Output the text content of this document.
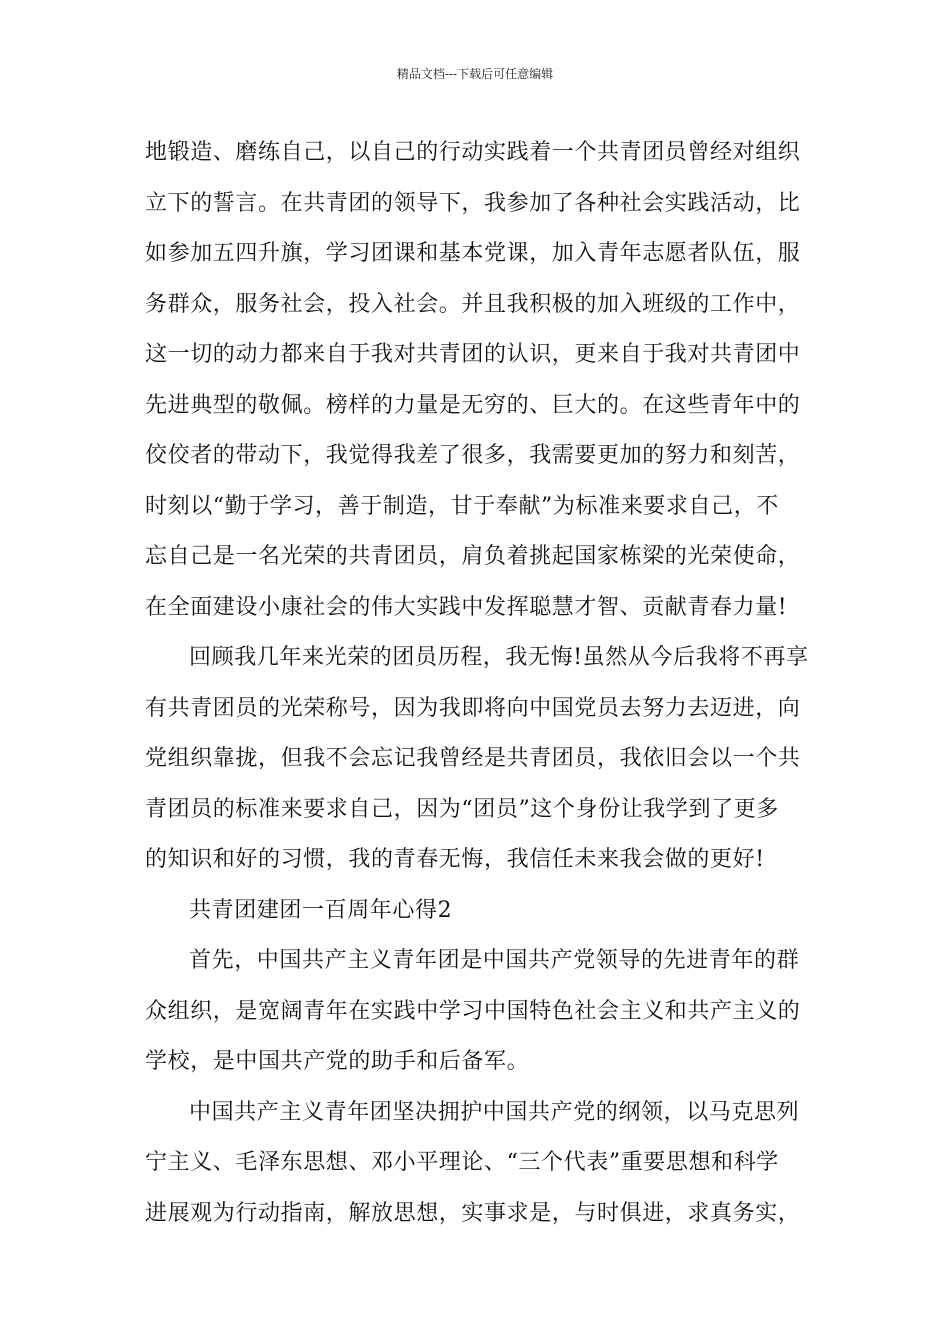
精品文档---下载后可任意编辑
地锻造、磨练自己，以自己的行动实践着一个共青团员曾经对组织
立下的誓言。在共青团的领导下，我参加了各种社会实践活动，比
如参加五四升旗，学习团课和基本党课，加入青年志愿者队伍，服
务群众，服务社会，投入社会。并且我积极的加入班级的工作中，
这一切的动力都来自于我对共青团的认识，更来自于我对共青团中
先进典型的敬佩。榜样的力量是无穷的、巨大的。在这些青年中的
佼佼者的带动下，我觉得我差了很多，我需要更加的努力和刻苦，
时刻以“勤于学习，善于制造，甘于奉献”为标准来要求自己，不
忘自己是一名光荣的共青团员，肩负着挑起国家栋梁的光荣使命，
在全面建设小康社会的伟大实践中发挥聪慧才智、贡献青春力量!
回顾我几年来光荣的团员历程，我无悔!虽然从今后我将不再享
有共青团员的光荣称号，因为我即将向中国党员去努力去迈进，向
党组织靠拢，但我不会忘记我曾经是共青团员，我依旧会以一个共
青团员的标准来要求自己，因为“团员”这个身份让我学到了更多
的知识和好的习惯，我的青春无悔，我信任未来我会做的更好!
共青团建团一百周年心得2
首先，中国共产主义青年团是中国共产党领导的先进青年的群
众组织，是宽阔青年在实践中学习中国特色社会主义和共产主义的
学校，是中国共产党的助手和后备军。
中国共产主义青年团坚决拥护中国共产党的纲领，以马克思列
宁主义、毛泽东思想、邓小平理论、“三个代表”重要思想和科学
进展观为行动指南，解放思想，实事求是，与时俱进，求真务实，
